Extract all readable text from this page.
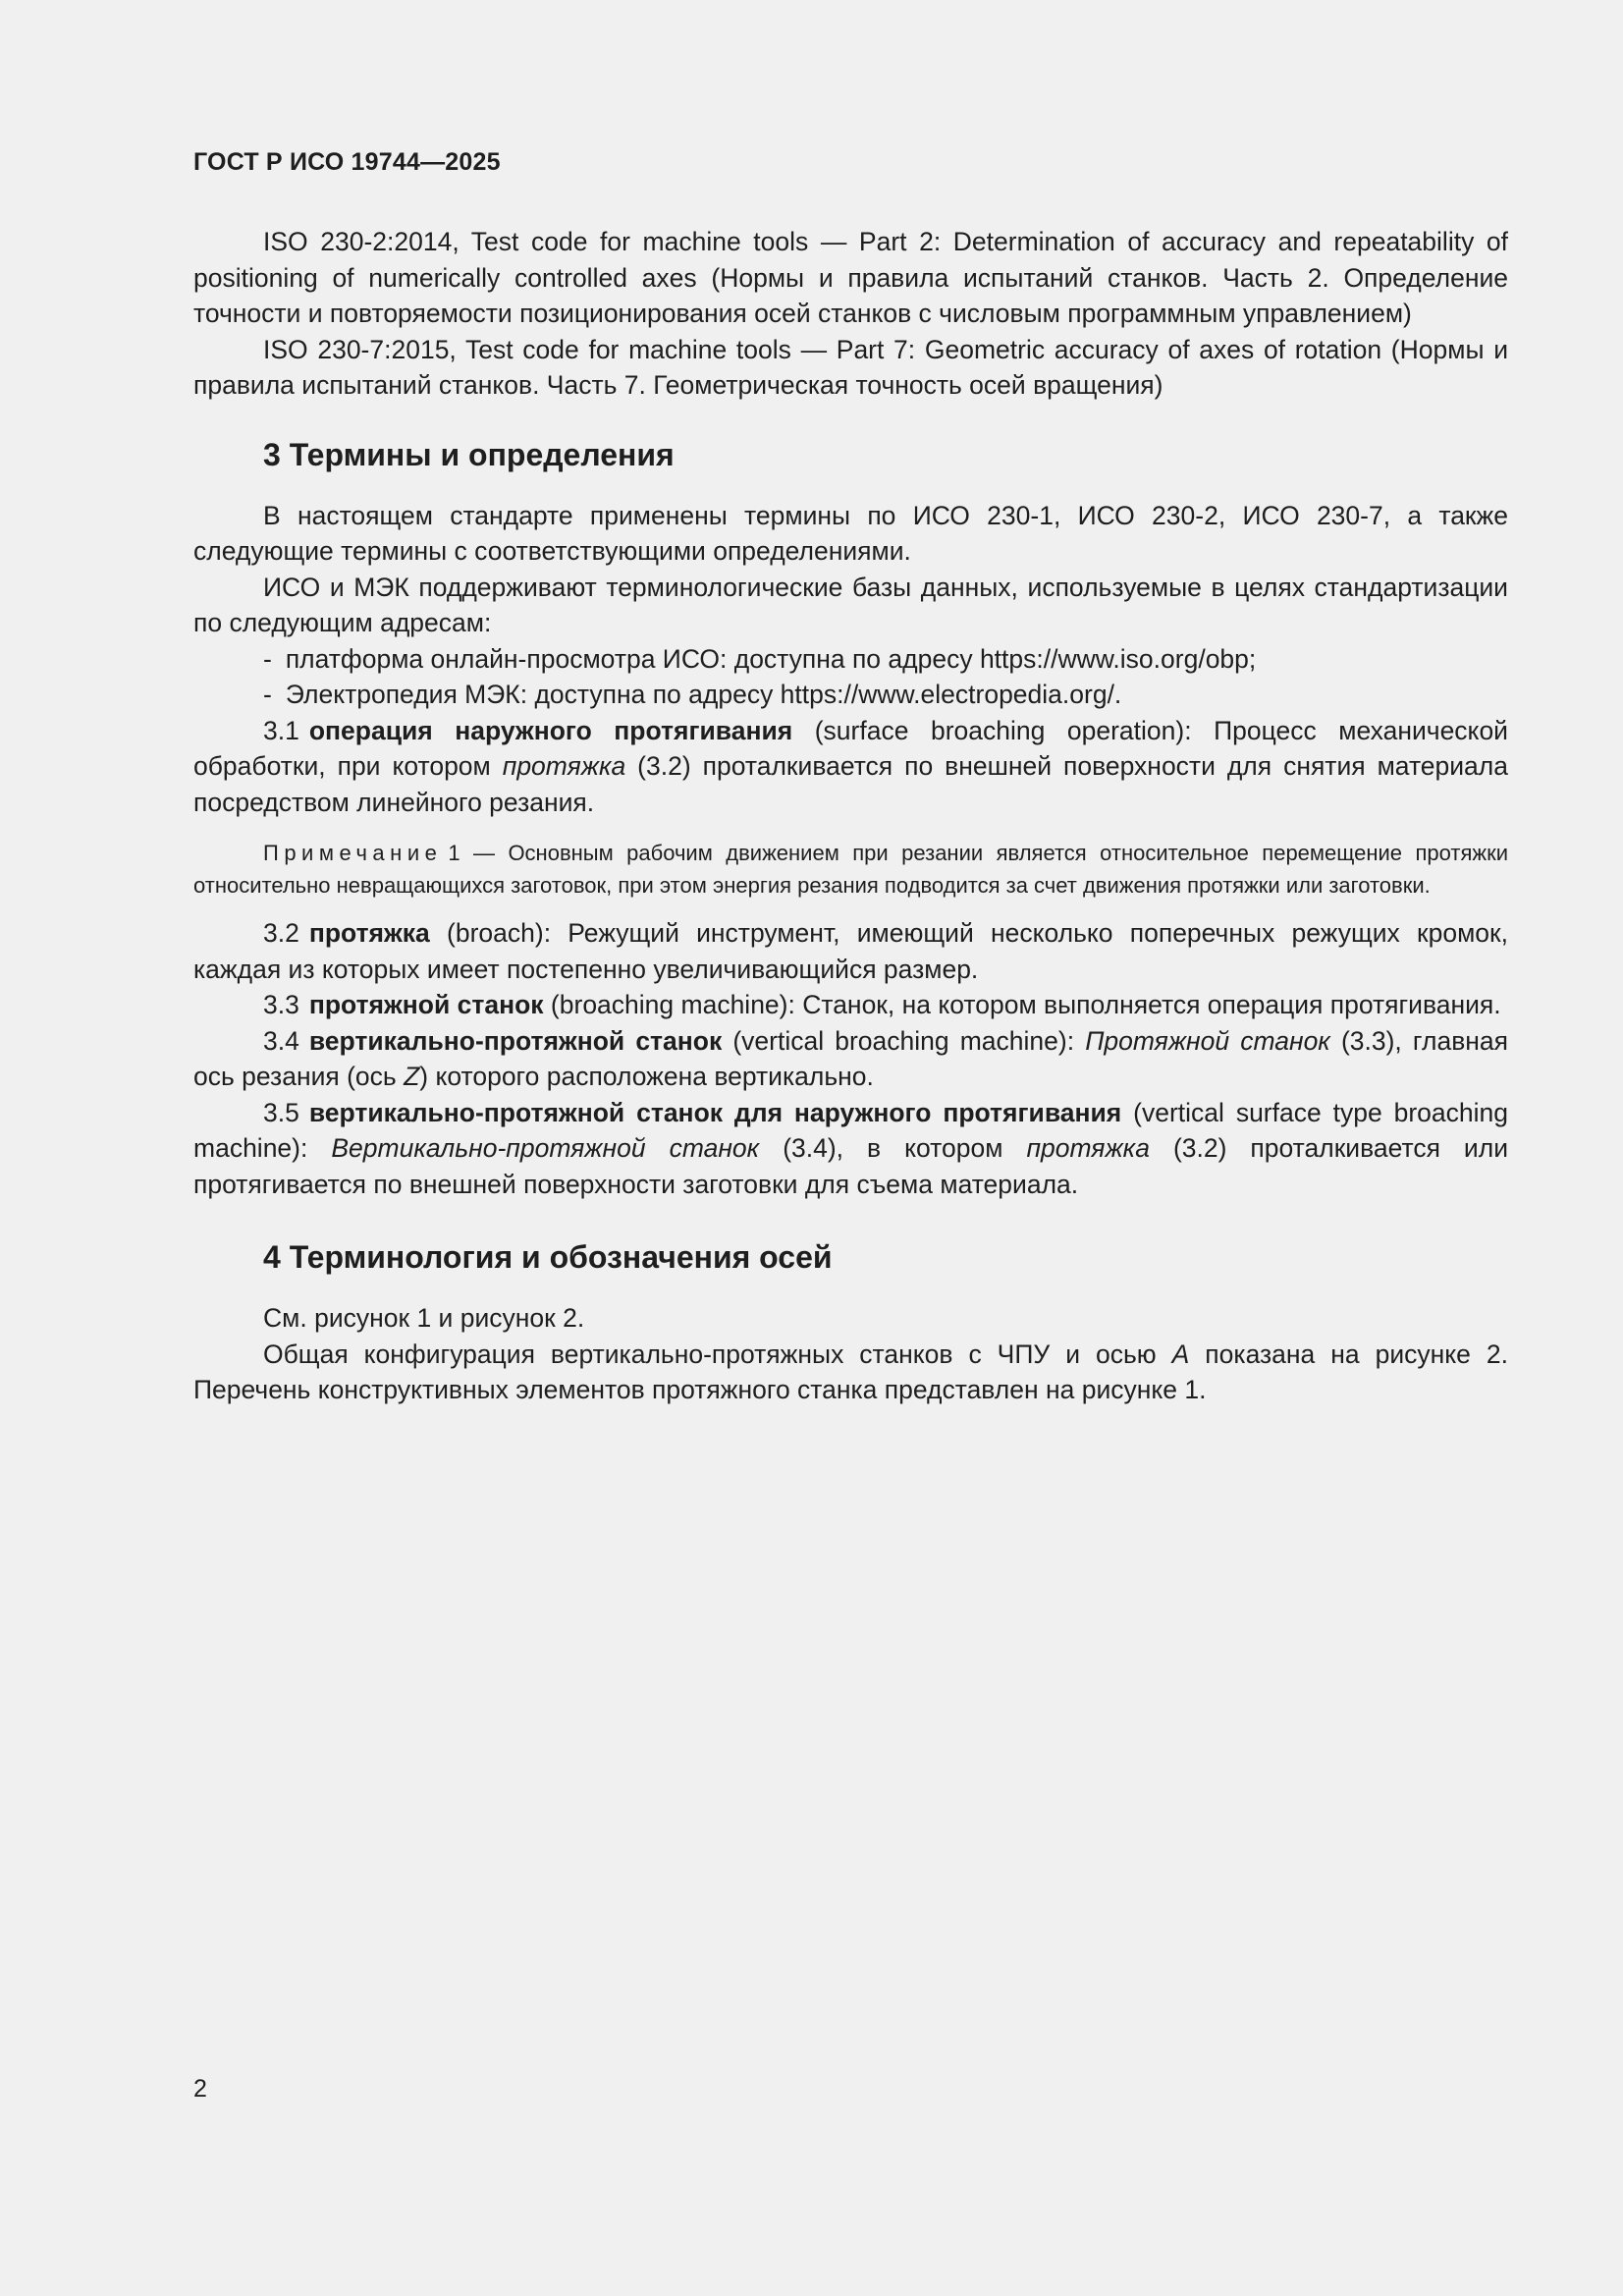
ГОСТ Р ИСО 19744—2025

ISO 230-2:2014, Test code for machine tools — Part 2: Determination of accuracy and repeatability of positioning of numerically controlled axes (Нормы и правила испытаний станков. Часть 2. Определение точности и повторяемости позиционирования осей станков с числовым программным управлением)

ISO 230-7:2015, Test code for machine tools — Part 7: Geometric accuracy of axes of rotation (Нормы и правила испытаний станков. Часть 7. Геометрическая точность осей вращения)

3 Термины и определения

В настоящем стандарте применены термины по ИСО 230-1, ИСО 230-2, ИСО 230-7, а также следующие термины с соответствующими определениями.

ИСО и МЭК поддерживают терминологические базы данных, используемые в целях стандартизации по следующим адресам:

- платформа онлайн-просмотра ИСО: доступна по адресу https://www.iso.org/obp;

- Электропедия МЭК: доступна по адресу https://www.electropedia.org/.

3.1 операция наружного протягивания (surface broaching operation): Процесс механической обработки, при котором протяжка (3.2) проталкивается по внешней поверхности для снятия материала посредством линейного резания.

Примечание 1 — Основным рабочим движением при резании является относительное перемещение протяжки относительно невращающихся заготовок, при этом энергия резания подводится за счет движения протяжки или заготовки.

3.2 протяжка (broach): Режущий инструмент, имеющий несколько поперечных режущих кромок, каждая из которых имеет постепенно увеличивающийся размер.

3.3 протяжной станок (broaching machine): Станок, на котором выполняется операция протягивания.

3.4 вертикально-протяжной станок (vertical broaching machine): Протяжной станок (3.3), главная ось резания (ось Z) которого расположена вертикально.

3.5 вертикально-протяжной станок для наружного протягивания (vertical surface type broaching machine): Вертикально-протяжной станок (3.4), в котором протяжка (3.2) проталкивается или протягивается по внешней поверхности заготовки для съема материала.

4 Терминология и обозначения осей

См. рисунок 1 и рисунок 2.

Общая конфигурация вертикально-протяжных станков с ЧПУ и осью A показана на рисунке 2. Перечень конструктивных элементов протяжного станка представлен на рисунке 1.

2
